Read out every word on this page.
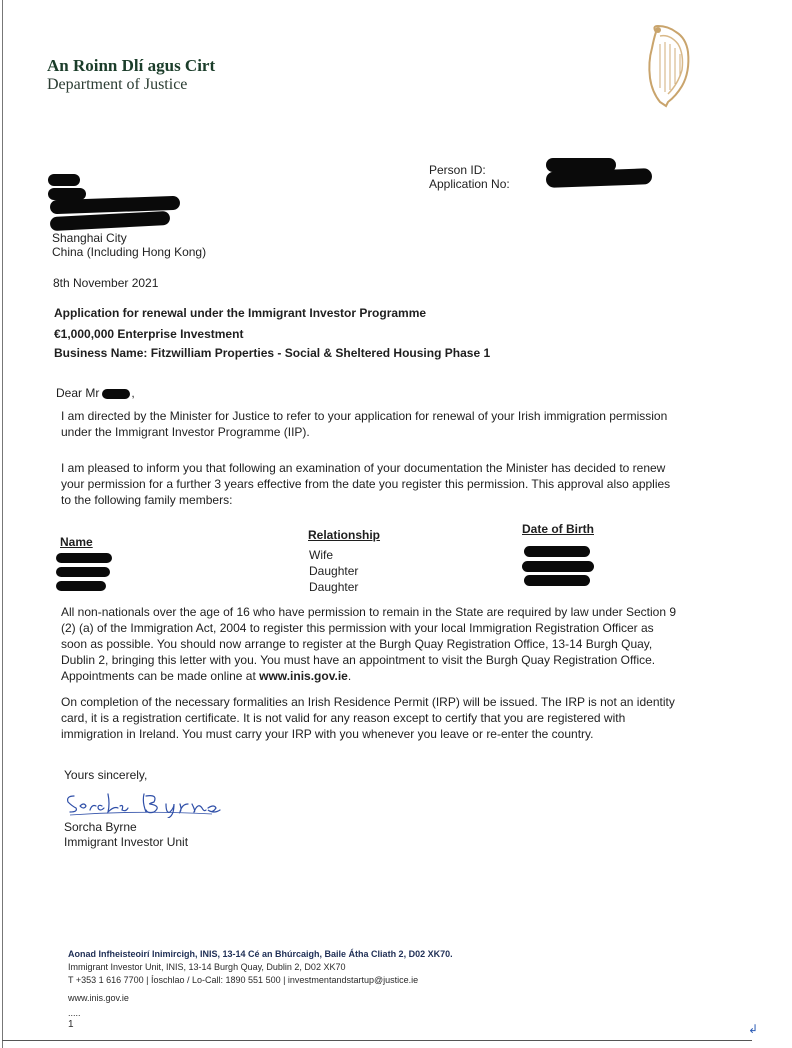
An Roinn Dlí agus Cirt
Department of Justice
Person ID:
Application No:
Shanghai City
China (Including Hong Kong)
8th November 2021
Application for renewal under the Immigrant Investor Programme
€1,000,000 Enterprise Investment
Business Name: Fitzwilliam Properties - Social & Sheltered Housing Phase 1
Dear Mr	,
I am directed by the Minister for Justice to refer to your application for renewal of your Irish immigration permission
under the Immigrant Investor Programme (IIP).
I am pleased to inform you that following an examination of your documentation the Minister has decided to renew
your permission for a further 3 years effective from the date you register this permission. This approval also applies
to the following family members:
Name	Relationship	Date of Birth
Wife
Daughter
Daughter
All non-nationals over the age of 16 who have permission to remain in the State are required by law under Section 9
(2) (a) of the Immigration Act, 2004 to register this permission with your local Immigration Registration Officer as
soon as possible. You should now arrange to register at the Burgh Quay Registration Office, 13-14 Burgh Quay,
Dublin 2, bringing this letter with you. You must have an appointment to visit the Burgh Quay Registration Office.
Appointments can be made online at www.inis.gov.ie.
On completion of the necessary formalities an Irish Residence Permit (IRP) will be issued. The IRP is not an identity
card, it is a registration certificate. It is not valid for any reason except to certify that you are registered with
immigration in Ireland. You must carry your IRP with you whenever you leave or re-enter the country.
Yours sincerely,
Sorcha Byrne
Immigrant Investor Unit
Aonad Infheisteoirí Inimircigh, INIS, 13-14 Cé an Bhúrcaigh, Baile Átha Cliath 2, D02 XK70.
Immigrant Investor Unit, INIS, 13-14 Burgh Quay, Dublin 2, D02 XK70
T +353 1 616 7700 | Íoschlao / Lo-Call: 1890 551 500 | investmentandstartup@justice.ie
www.inis.gov.ie
.....
1	↲
